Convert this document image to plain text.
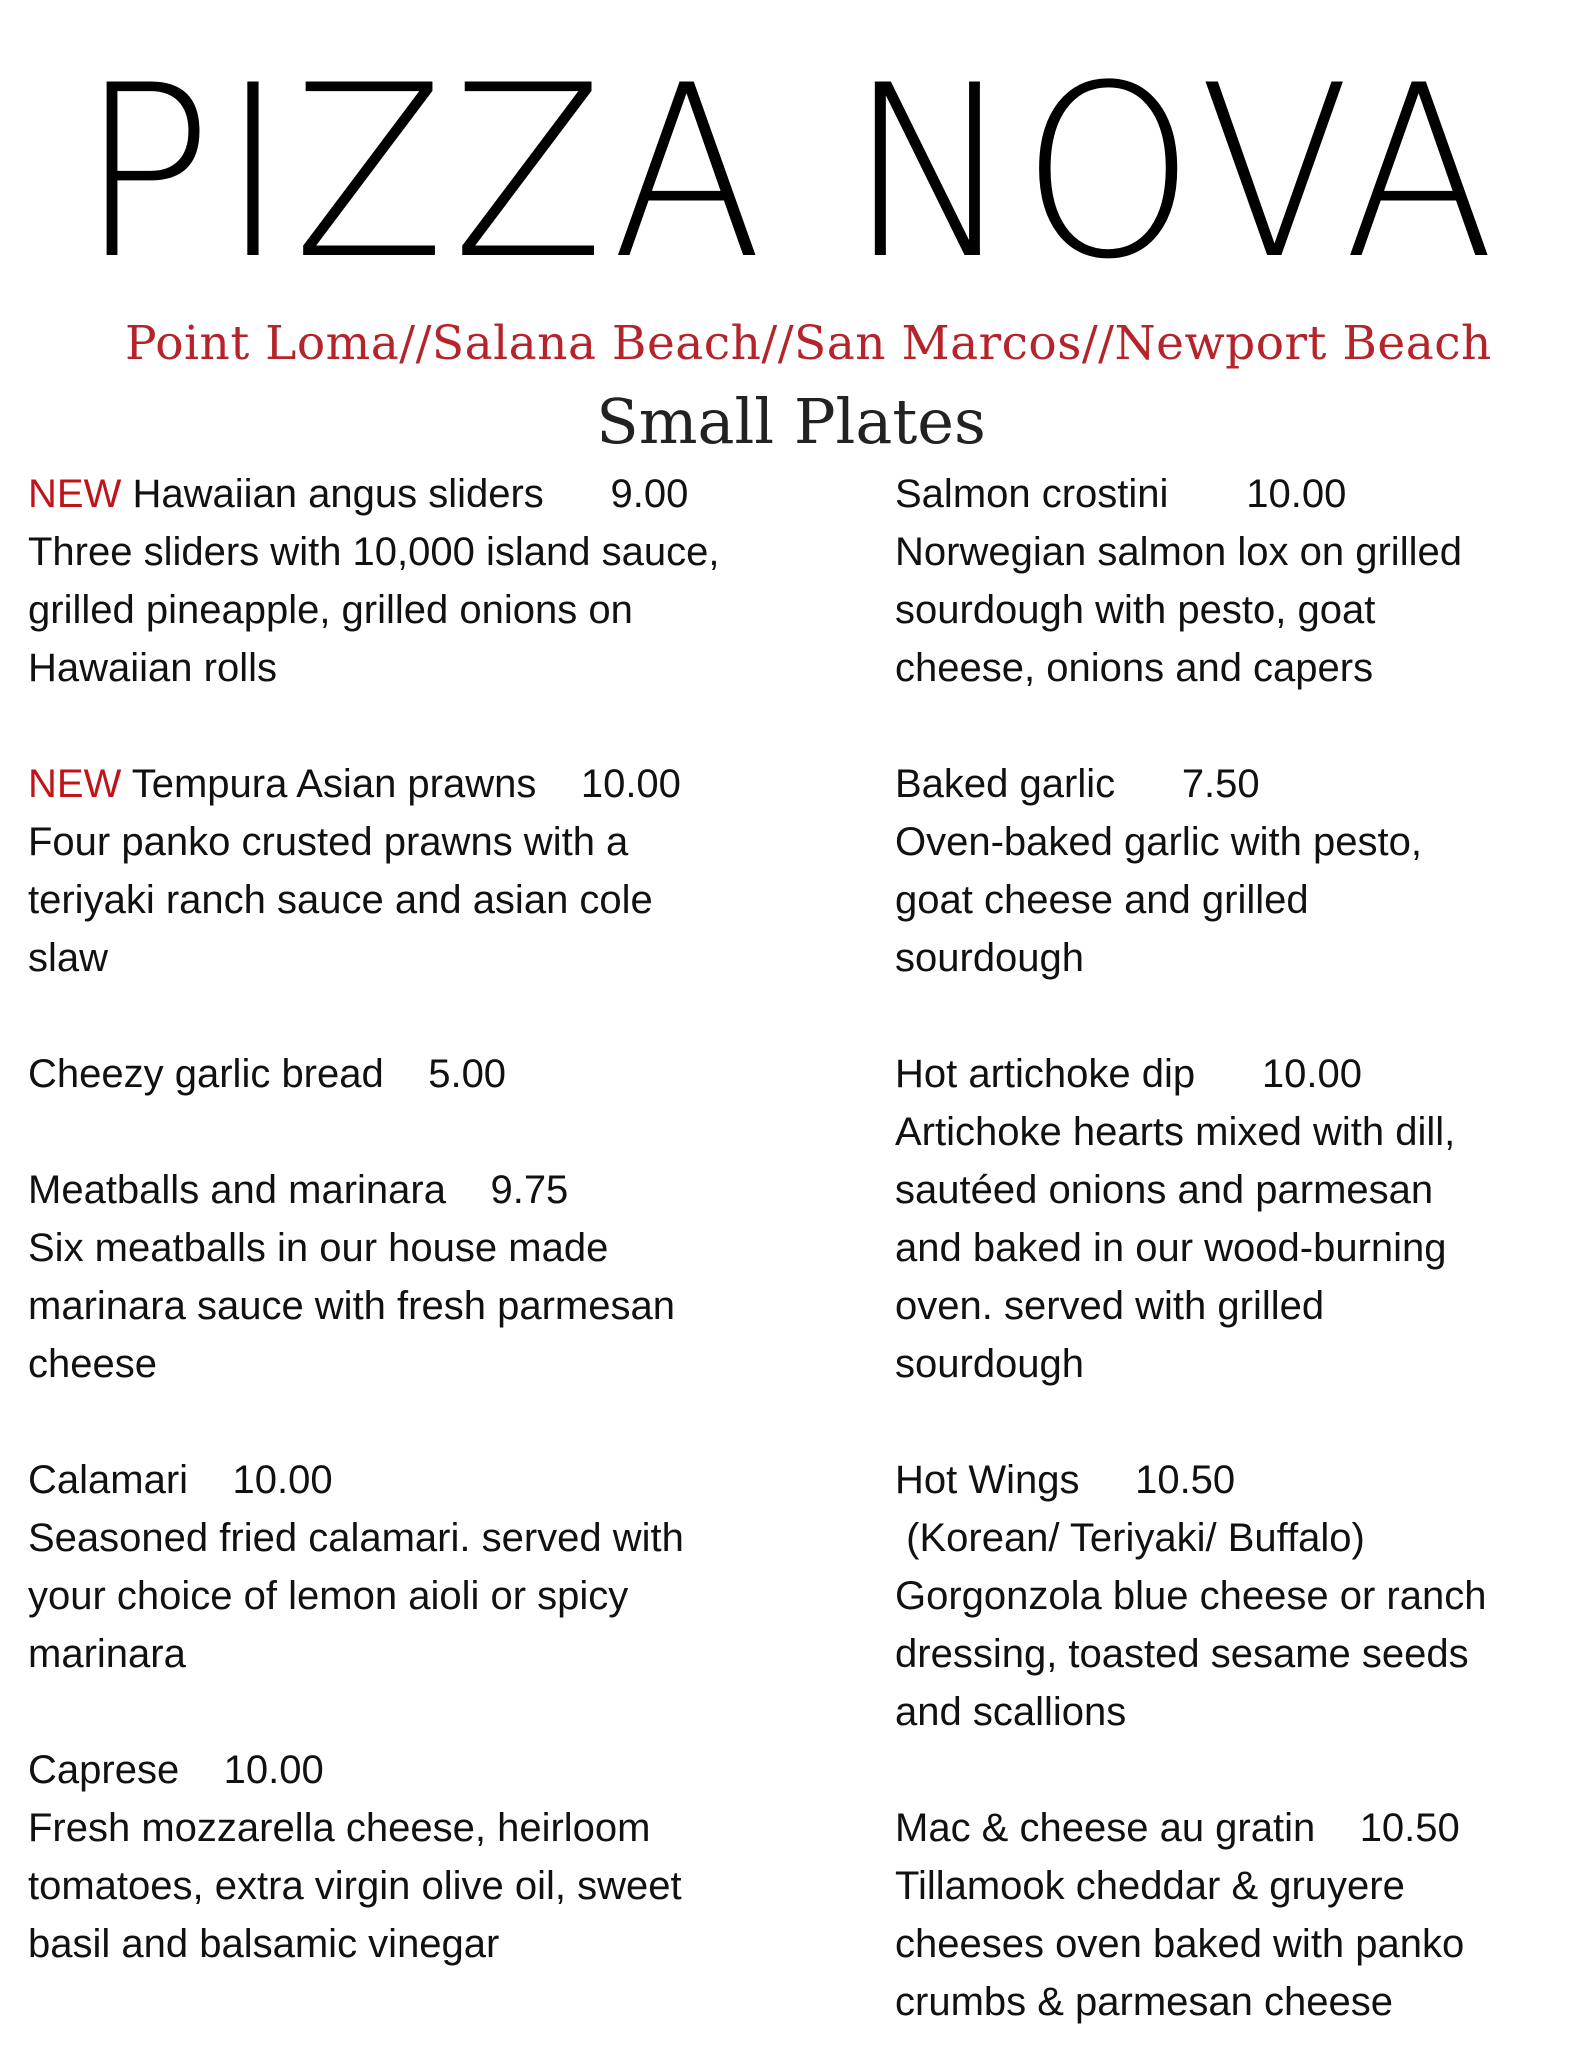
PIZZA NOVA
Point Loma//Salana Beach//San Marcos//Newport Beach
Small Plates
NEW Hawaiian angus sliders 9.00
Three sliders with 10,000 island sauce,
grilled pineapple, grilled onions on
Hawaiian rolls
NEW Tempura Asian prawns 10.00
Four panko crusted prawns with a
teriyaki ranch sauce and asian cole
slaw
Cheezy garlic bread 5.00
Meatballs and marinara 9.75
Six meatballs in our house made
marinara sauce with fresh parmesan
cheese
Calamari 10.00
Seasoned fried calamari. served with
your choice of lemon aioli or spicy
marinara
Caprese 10.00
Fresh mozzarella cheese, heirloom
tomatoes, extra virgin olive oil, sweet
basil and balsamic vinegar
Salmon crostini 10.00
Norwegian salmon lox on grilled
sourdough with pesto, goat
cheese, onions and capers
Baked garlic 7.50
Oven-baked garlic with pesto,
goat cheese and grilled
sourdough
Hot artichoke dip 10.00
Artichoke hearts mixed with dill,
sautéed onions and parmesan
and baked in our wood-burning
oven. served with grilled
sourdough
Hot Wings 10.50
(Korean/ Teriyaki/ Buffalo)
Gorgonzola blue cheese or ranch
dressing, toasted sesame seeds
and scallions
Mac & cheese au gratin 10.50
Tillamook cheddar & gruyere
cheeses oven baked with panko
crumbs & parmesan cheese
